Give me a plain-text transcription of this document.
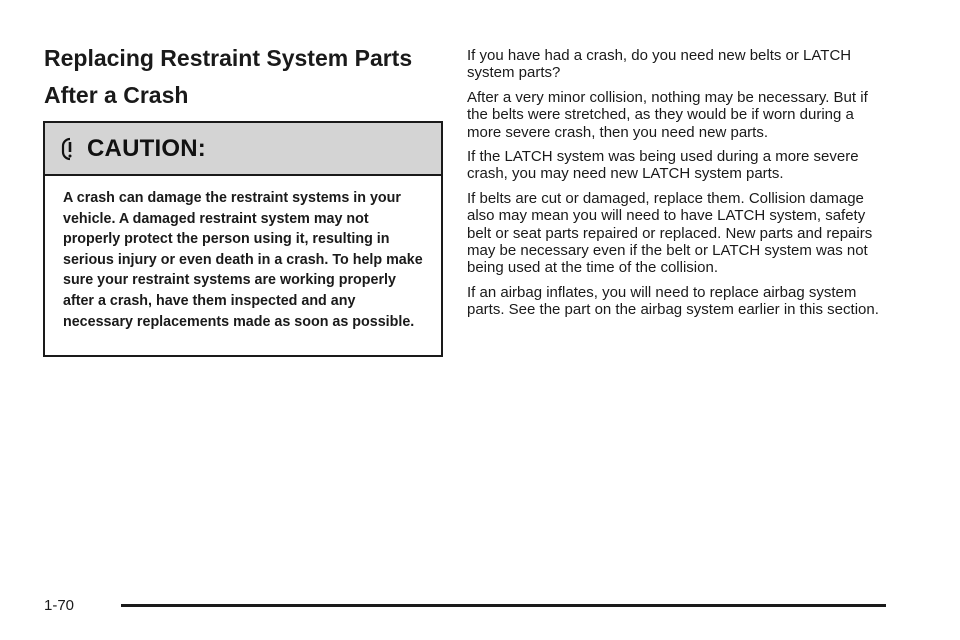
Replacing Restraint System Parts After a Crash
CAUTION:

A crash can damage the restraint systems in your vehicle. A damaged restraint system may not properly protect the person using it, resulting in serious injury or even death in a crash. To help make sure your restraint systems are working properly after a crash, have them inspected and any necessary replacements made as soon as possible.

If you have had a crash, do you need new belts or LATCH system parts?

After a very minor collision, nothing may be necessary. But if the belts were stretched, as they would be if worn during a more severe crash, then you need new parts.

If the LATCH system was being used during a more severe crash, you may need new LATCH system parts.

If belts are cut or damaged, replace them. Collision damage also may mean you will need to have LATCH system, safety belt or seat parts repaired or replaced. New parts and repairs may be necessary even if the belt or LATCH system was not being used at the time of the collision.

If an airbag inflates, you will need to replace airbag system parts. See the part on the airbag system earlier in this section.

1-70
